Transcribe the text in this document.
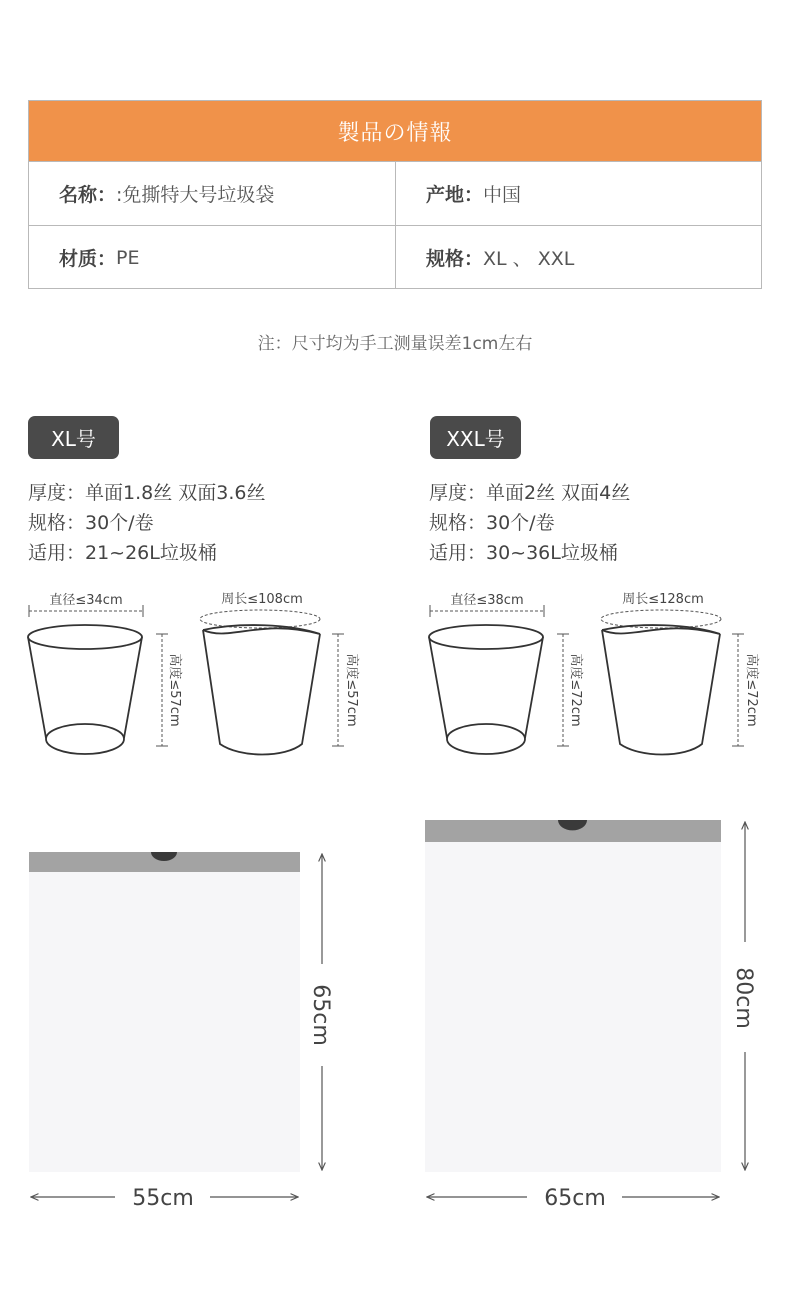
製品の情報
名称： :免撕特大号垃圾袋	产地： 中国
材质： PE	规格： XL 、 XXL
注：尺寸均为手工测量误差1cm左右
XL号	XXL号
厚度：单面1.8丝 双面3.6丝
规格：30个/卷
适用：21~26L垃圾桶
厚度：单面2丝 双面4丝
规格：30个/卷
适用：30~36L垃圾桶
直径≤34cm
高度≤57cm
周长≤108cm
高度≤57cm
直径≤38cm
高度≤72cm
周长≤128cm
高度≤72cm
65cm
55cm
80cm
65cm
